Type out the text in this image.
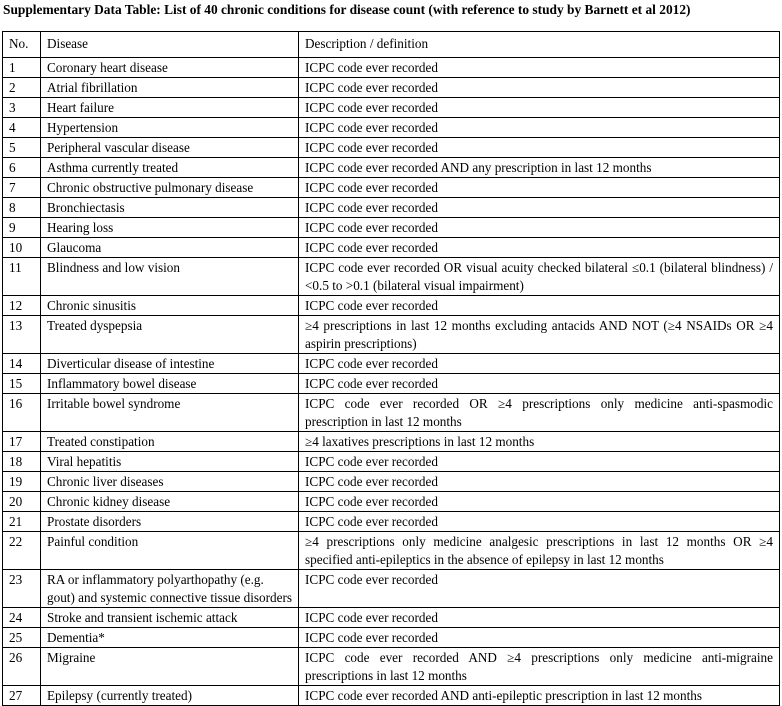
Supplementary Data Table: List of 40 chronic conditions for disease count (with reference to study by Barnett et al 2012)
No.	Disease	Description / definition
1	Coronary heart disease	ICPC code ever recorded
2	Atrial fibrillation	ICPC code ever recorded
3	Heart failure	ICPC code ever recorded
4	Hypertension	ICPC code ever recorded
5	Peripheral vascular disease	ICPC code ever recorded
6	Asthma currently treated	ICPC code ever recorded AND any prescription in last 12 months
7	Chronic obstructive pulmonary disease	ICPC code ever recorded
8	Bronchiectasis	ICPC code ever recorded
9	Hearing loss	ICPC code ever recorded
10	Glaucoma	ICPC code ever recorded
11	Blindness and low vision	ICPC code ever recorded OR visual acuity checked bilateral ≤0.1 (bilateral blindness) / <0.5 to >0.1 (bilateral visual impairment)
12	Chronic sinusitis	ICPC code ever recorded
13	Treated dyspepsia	≥4 prescriptions in last 12 months excluding antacids AND NOT (≥4 NSAIDs OR ≥4 aspirin prescriptions)
14	Diverticular disease of intestine	ICPC code ever recorded
15	Inflammatory bowel disease	ICPC code ever recorded
16	Irritable bowel syndrome	ICPC code ever recorded OR ≥4 prescriptions only medicine anti-spasmodic prescription in last 12 months
17	Treated constipation	≥4 laxatives prescriptions in last 12 months
18	Viral hepatitis	ICPC code ever recorded
19	Chronic liver diseases	ICPC code ever recorded
20	Chronic kidney disease	ICPC code ever recorded
21	Prostate disorders	ICPC code ever recorded
22	Painful condition	≥4 prescriptions only medicine analgesic prescriptions in last 12 months OR ≥4 specified anti-epileptics in the absence of epilepsy in last 12 months
23	RA or inflammatory polyarthopathy (e.g. gout) and systemic connective tissue disorders	ICPC code ever recorded
24	Stroke and transient ischemic attack	ICPC code ever recorded
25	Dementia*	ICPC code ever recorded
26	Migraine	ICPC code ever recorded AND ≥4 prescriptions only medicine anti-migraine prescriptions in last 12 months
27	Epilepsy (currently treated)	ICPC code ever recorded AND anti-epileptic prescription in last 12 months
